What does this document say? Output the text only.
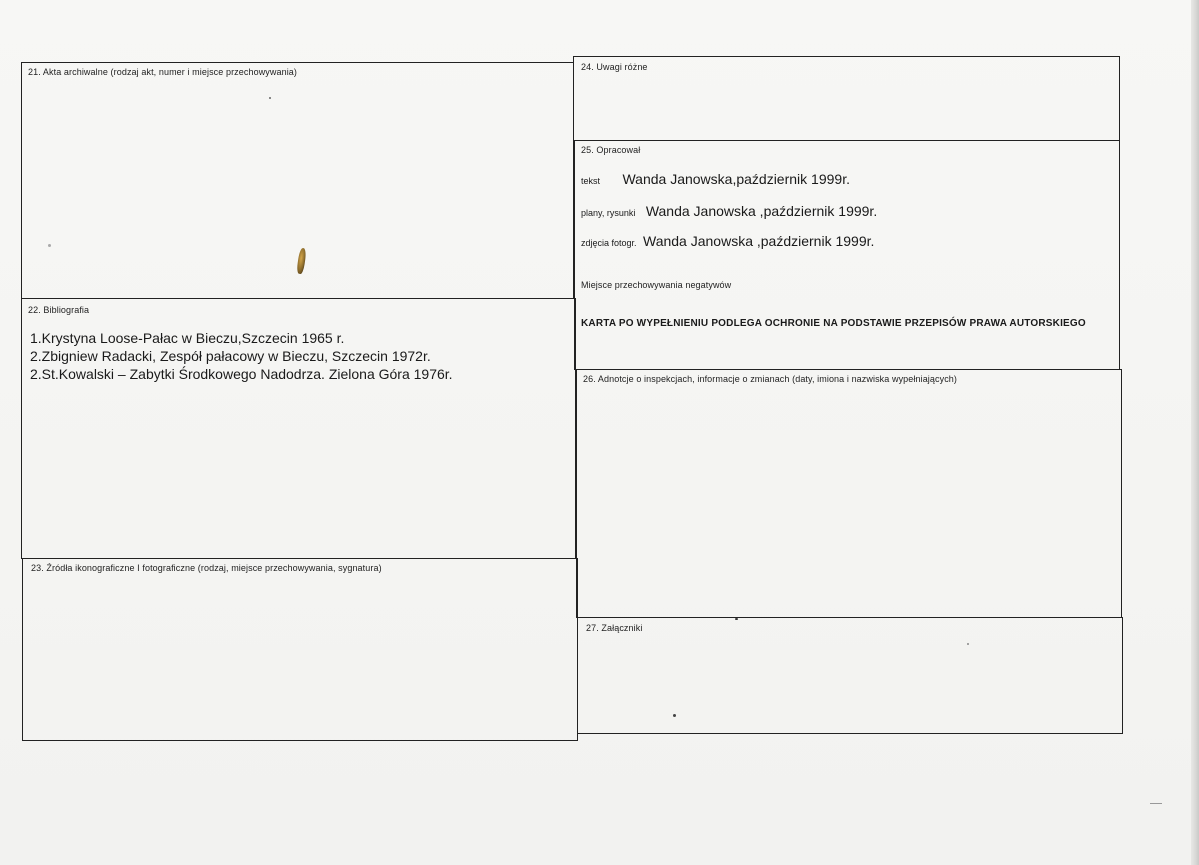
21. Akta archiwalne (rodzaj akt, numer i miejsce przechowywania)
22. Bibliografia
1.Krystyna Loose-Pałac w Bieczu,Szczecin 1965 r.
2.Zbigniew Radacki, Zespół pałacowy w Bieczu, Szczecin 1972r.
2.St.Kowalski – Zabytki Środkowego Nadodrza. Zielona Góra 1976r.
23. Źródła ikonograficzne I fotograficzne (rodzaj, miejsce przechowywania, sygnatura)
24. Uwagi różne
25. Opracował
tekst Wanda Janowska,październik 1999r.
plany, rysunki Wanda Janowska ,październik 1999r.
zdjęcia fotogr. Wanda Janowska ,październik 1999r.
Miejsce przechowywania negatywów
KARTA PO WYPEŁNIENIU PODLEGA OCHRONIE NA PODSTAWIE PRZEPISÓW PRAWA AUTORSKIEGO
26. Adnotcje o inspekcjach, informacje o zmianach (daty, imiona i nazwiska wypełniających)
27. Załączniki
